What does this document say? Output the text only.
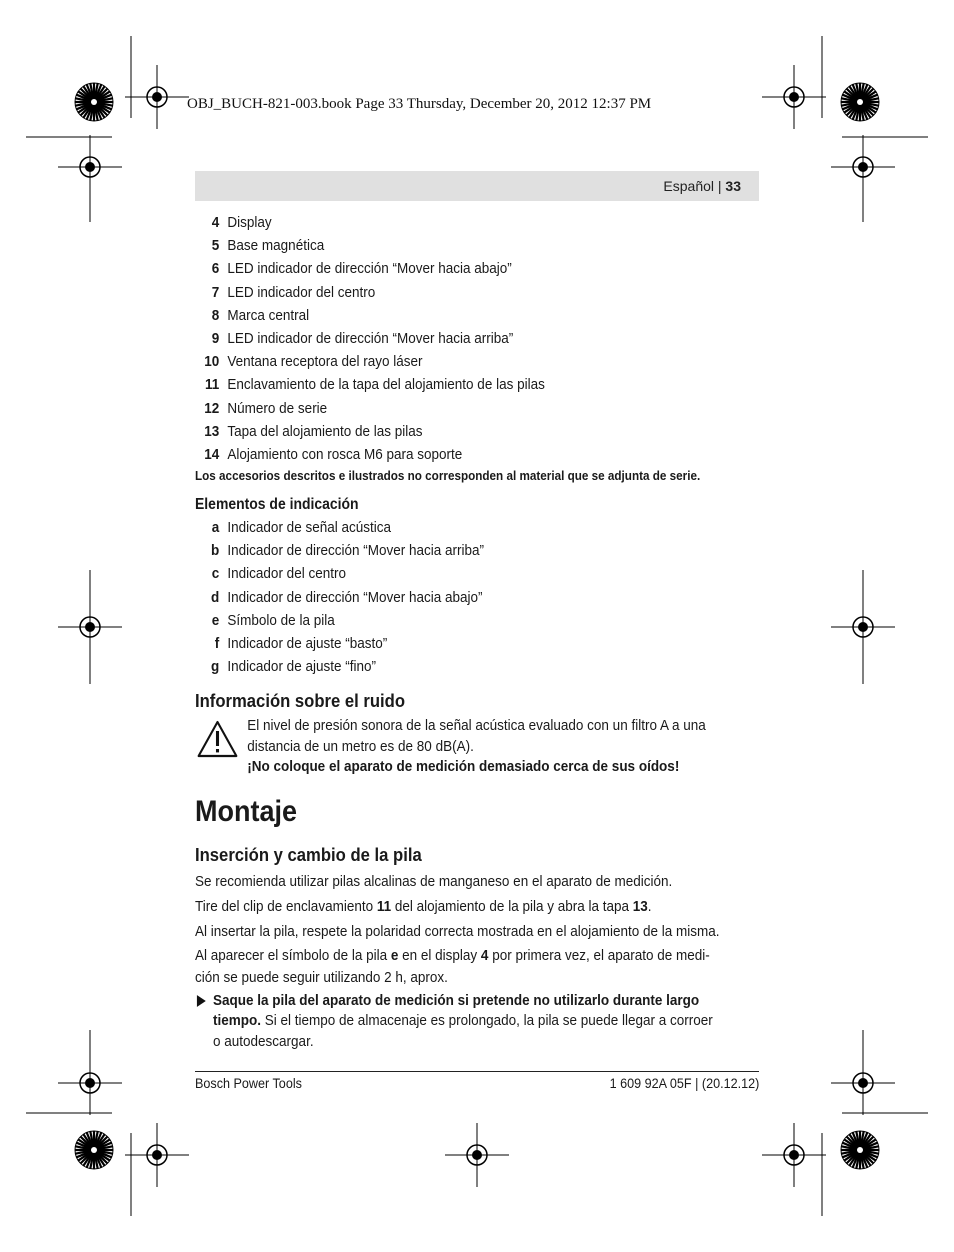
OBJ_BUCH-821-003.book Page 33 Thursday, December 20, 2012 12:37 PM
Español | 33
4 Display
5 Base magnética
6 LED indicador de dirección “Mover hacia abajo”
7 LED indicador del centro
8 Marca central
9 LED indicador de dirección “Mover hacia arriba”
10 Ventana receptora del rayo láser
11 Enclavamiento de la tapa del alojamiento de las pilas
12 Número de serie
13 Tapa del alojamiento de las pilas
14 Alojamiento con rosca M6 para soporte
Los accesorios descritos e ilustrados no corresponden al material que se adjunta de serie.
Elementos de indicación
a Indicador de señal acústica
b Indicador de dirección “Mover hacia arriba”
c Indicador del centro
d Indicador de dirección “Mover hacia abajo”
e Símbolo de la pila
f Indicador de ajuste “basto”
g Indicador de ajuste “fino”
Información sobre el ruido
El nivel de presión sonora de la señal acústica evaluado con un filtro A a una
distancia de un metro es de 80 dB(A).
¡No coloque el aparato de medición demasiado cerca de sus oídos!
Montaje
Inserción y cambio de la pila
Se recomienda utilizar pilas alcalinas de manganeso en el aparato de medición.
Tire del clip de enclavamiento 11 del alojamiento de la pila y abra la tapa 13.
Al insertar la pila, respete la polaridad correcta mostrada en el alojamiento de la misma.
Al aparecer el símbolo de la pila e en el display 4 por primera vez, el aparato de medi-
ción se puede seguir utilizando 2 h, aprox.
Saque la pila del aparato de medición si pretende no utilizarlo durante largo
tiempo. Si el tiempo de almacenaje es prolongado, la pila se puede llegar a corroer
o autodescargar.
Bosch Power Tools	1 609 92A 05F | (20.12.12)
